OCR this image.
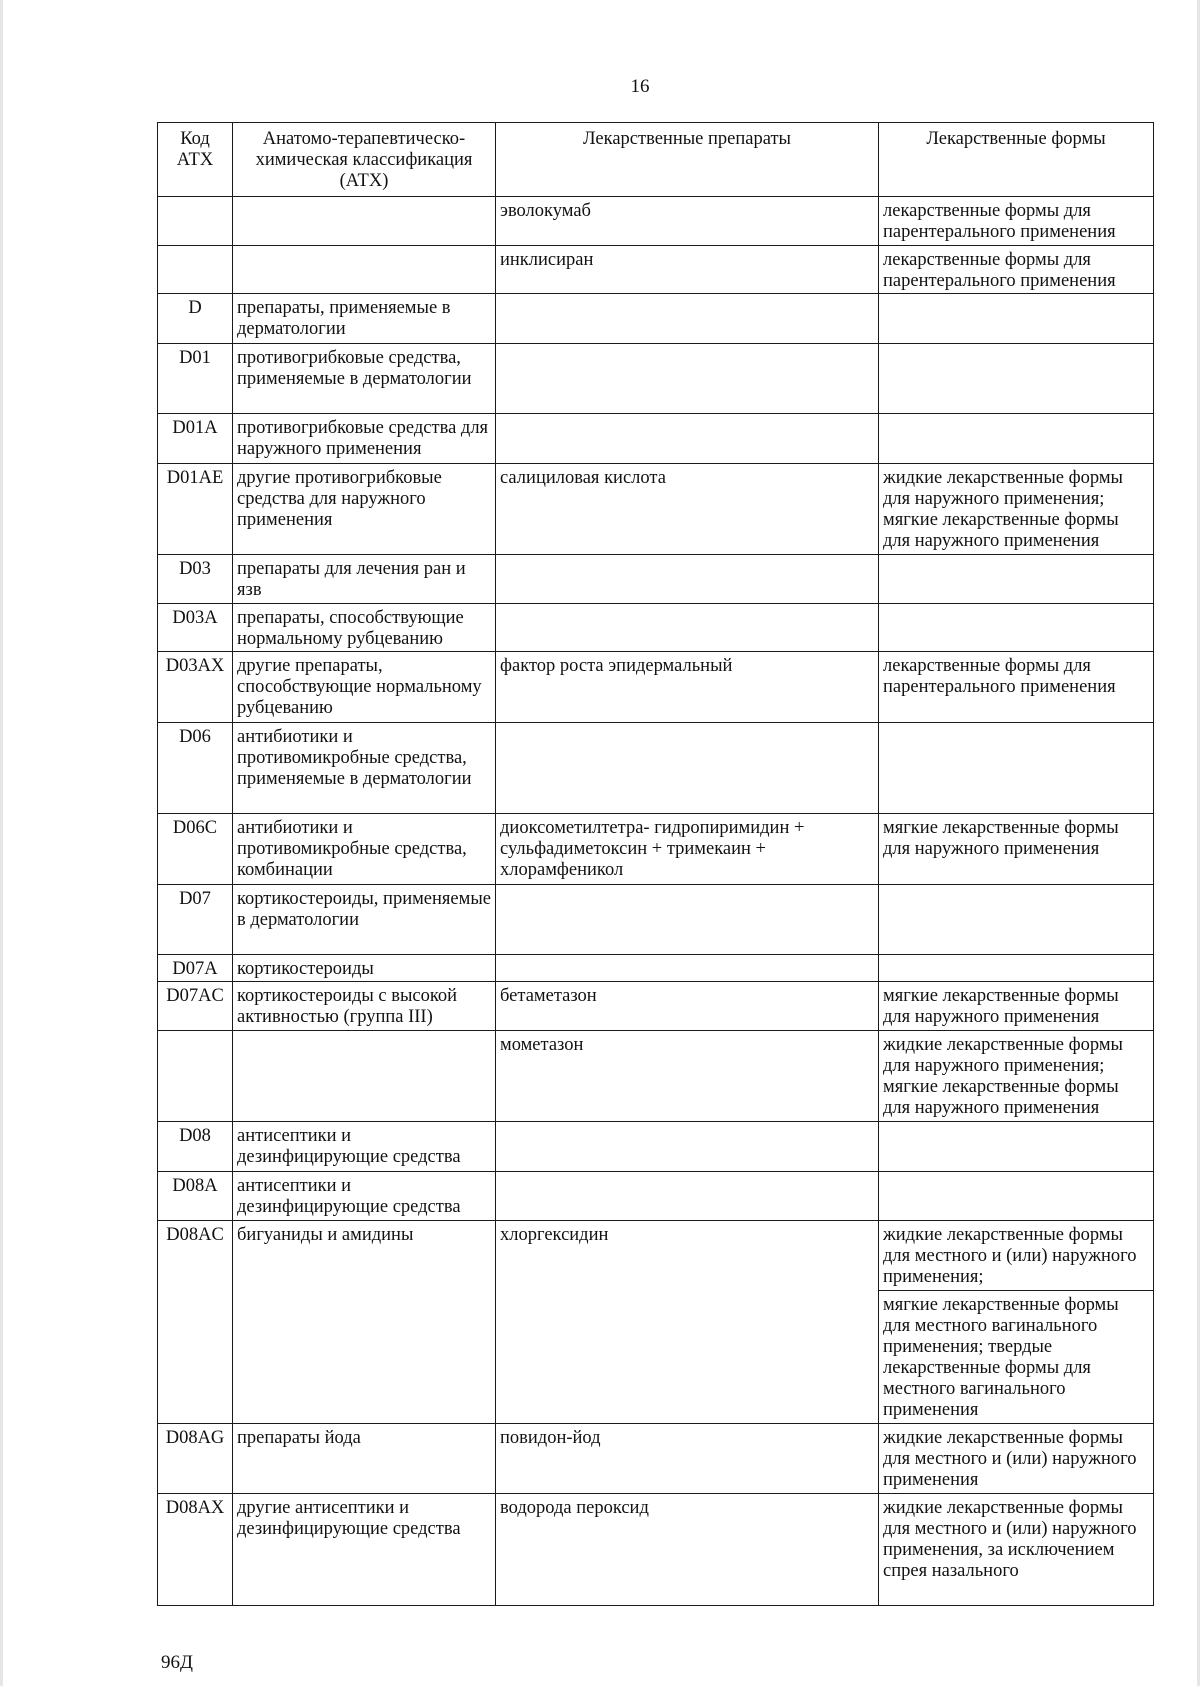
16
Код АТХ	Анатомо-терапевтическо-химическая классификация (АТХ)	Лекарственные препараты	Лекарственные формы
		эволокумаб	лекарственные формы для парентерального применения
		инклисиран	лекарственные формы для парентерального применения
D	препараты, применяемые в дерматологии		
D01	противогрибковые средства, применяемые в дерматологии		
D01A	противогрибковые средства для наружного применения		
D01AE	другие противогрибковые средства для наружного применения	салициловая кислота	жидкие лекарственные формы для наружного применения; мягкие лекарственные формы для наружного применения
D03	препараты для лечения ран и язв		
D03A	препараты, способствующие нормальному рубцеванию		
D03AX	другие препараты, способствующие нормальному рубцеванию	фактор роста эпидермальный	лекарственные формы для парентерального применения
D06	антибиотики и противомикробные средства, применяемые в дерматологии		
D06C	антибиотики и противомикробные средства, комбинации	диоксометилтетра- гидропиримидин + сульфадиметоксин + тримекаин + хлорамфеникол	мягкие лекарственные формы для наружного применения
D07	кортикостероиды, применяемые в дерматологии		
D07A	кортикостероиды		
D07AC	кортикостероиды с высокой активностью (группа III)	бетаметазон	мягкие лекарственные формы для наружного применения
		мометазон	жидкие лекарственные формы для наружного применения; мягкие лекарственные формы для наружного применения
D08	антисептики и дезинфицирующие средства		
D08A	антисептики и дезинфицирующие средства		
D08AC	бигуаниды и амидины	хлоргексидин	жидкие лекарственные формы для местного и (или) наружного применения;
			мягкие лекарственные формы для местного вагинального применения; твердые лекарственные формы для местного вагинального применения
D08AG	препараты йода	повидон-йод	жидкие лекарственные формы для местного и (или) наружного применения
D08AX	другие антисептики и дезинфицирующие средства	водорода пероксид	жидкие лекарственные формы для местного и (или) наружного применения, за исключением спрея назального
96Д
